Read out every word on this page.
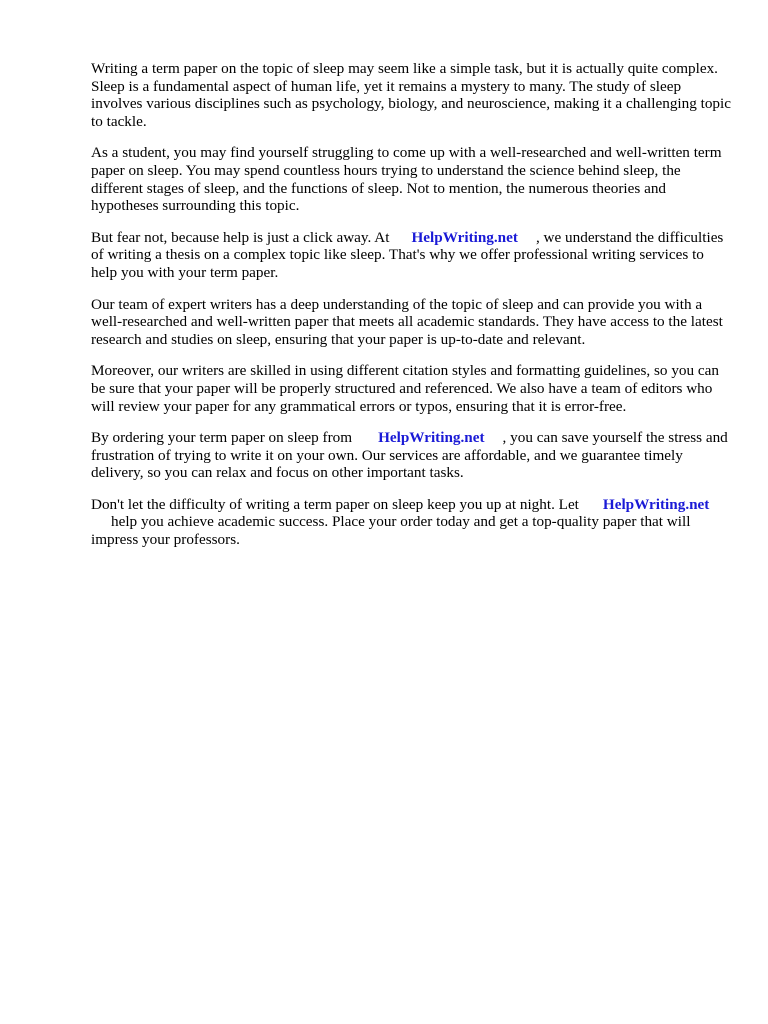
Writing a term paper on the topic of sleep may seem like a simple task, but it is actually quite complex. Sleep is a fundamental aspect of human life, yet it remains a mystery to many. The study of sleep involves various disciplines such as psychology, biology, and neuroscience, making it a challenging topic to tackle.

As a student, you may find yourself struggling to come up with a well-researched and well-written term paper on sleep. You may spend countless hours trying to understand the science behind sleep, the different stages of sleep, and the functions of sleep. Not to mention, the numerous theories and hypotheses surrounding this topic.

But fear not, because help is just a click away. At HelpWriting.net , we understand the difficulties of writing a thesis on a complex topic like sleep. That's why we offer professional writing services to help you with your term paper.

Our team of expert writers has a deep understanding of the topic of sleep and can provide you with a well-researched and well-written paper that meets all academic standards. They have access to the latest research and studies on sleep, ensuring that your paper is up-to-date and relevant.

Moreover, our writers are skilled in using different citation styles and formatting guidelines, so you can be sure that your paper will be properly structured and referenced. We also have a team of editors who will review your paper for any grammatical errors or typos, ensuring that it is error-free.

By ordering your term paper on sleep from HelpWriting.net , you can save yourself the stress and frustration of trying to write it on your own. Our services are affordable, and we guarantee timely delivery, so you can relax and focus on other important tasks.

Don't let the difficulty of writing a term paper on sleep keep you up at night. Let HelpWriting.net
help you achieve academic success. Place your order today and get a top-quality paper that will impress your professors.
